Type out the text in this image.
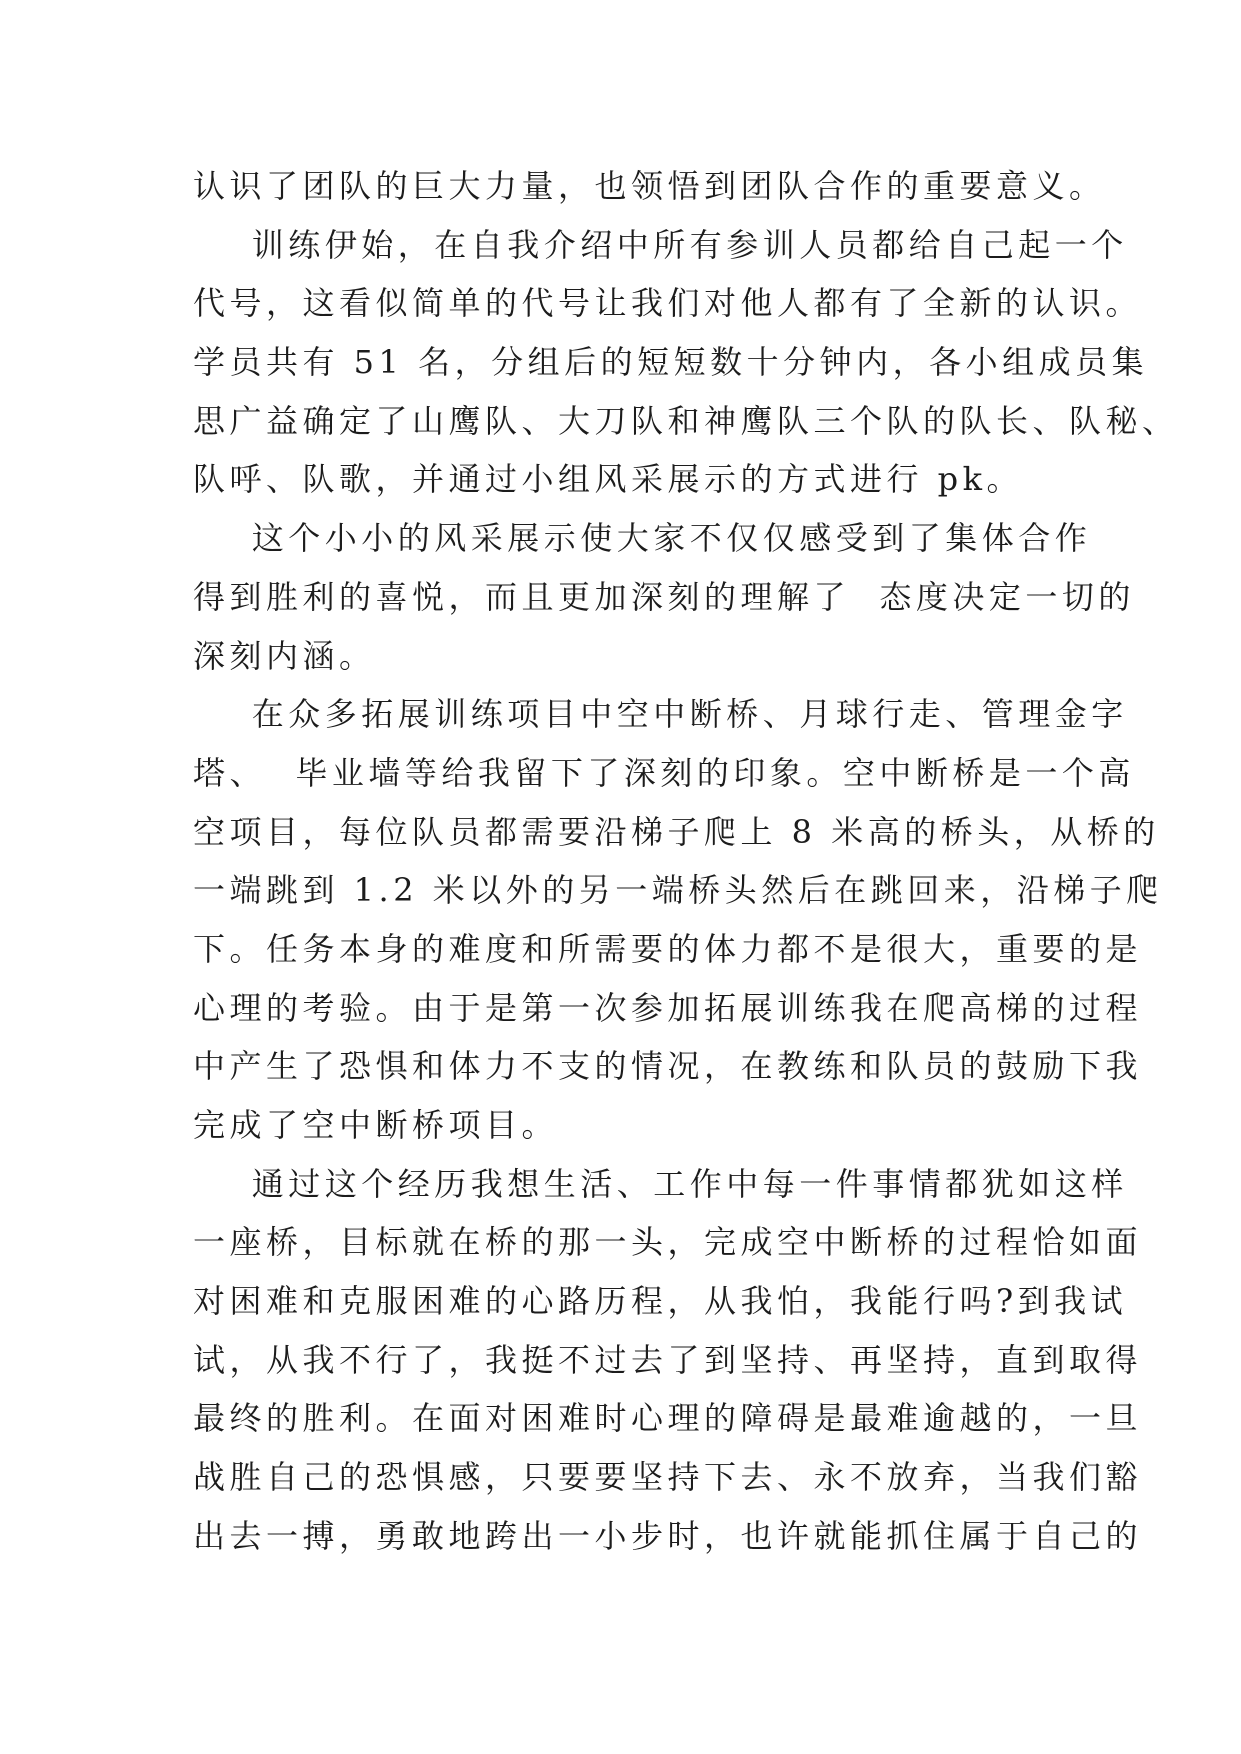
认识了团队的巨大力量，也领悟到团队合作的重要意义。
训练伊始，在自我介绍中所有参训人员都给自己起一个
代号，这看似简单的代号让我们对他人都有了全新的认识。
学员共有 51 名，分组后的短短数十分钟内，各小组成员集
思广益确定了山鹰队、大刀队和神鹰队三个队的队长、队秘、
队呼、队歌，并通过小组风采展示的方式进行 pk。
这个小小的风采展示使大家不仅仅感受到了集体合作
得到胜利的喜悦，而且更加深刻的理解了  态度决定一切的
深刻内涵。
在众多拓展训练项目中空中断桥、月球行走、管理金字
塔、  毕业墙等给我留下了深刻的印象。空中断桥是一个高
空项目，每位队员都需要沿梯子爬上 8 米高的桥头，从桥的
一端跳到 1.2 米以外的另一端桥头然后在跳回来，沿梯子爬
下。任务本身的难度和所需要的体力都不是很大，重要的是
心理的考验。由于是第一次参加拓展训练我在爬高梯的过程
中产生了恐惧和体力不支的情况，在教练和队员的鼓励下我
完成了空中断桥项目。
通过这个经历我想生活、工作中每一件事情都犹如这样
一座桥，目标就在桥的那一头，完成空中断桥的过程恰如面
对困难和克服困难的心路历程，从我怕，我能行吗?到我试
试，从我不行了，我挺不过去了到坚持、再坚持，直到取得
最终的胜利。在面对困难时心理的障碍是最难逾越的，一旦
战胜自己的恐惧感，只要要坚持下去、永不放弃，当我们豁
出去一搏，勇敢地跨出一小步时，也许就能抓住属于自己的
